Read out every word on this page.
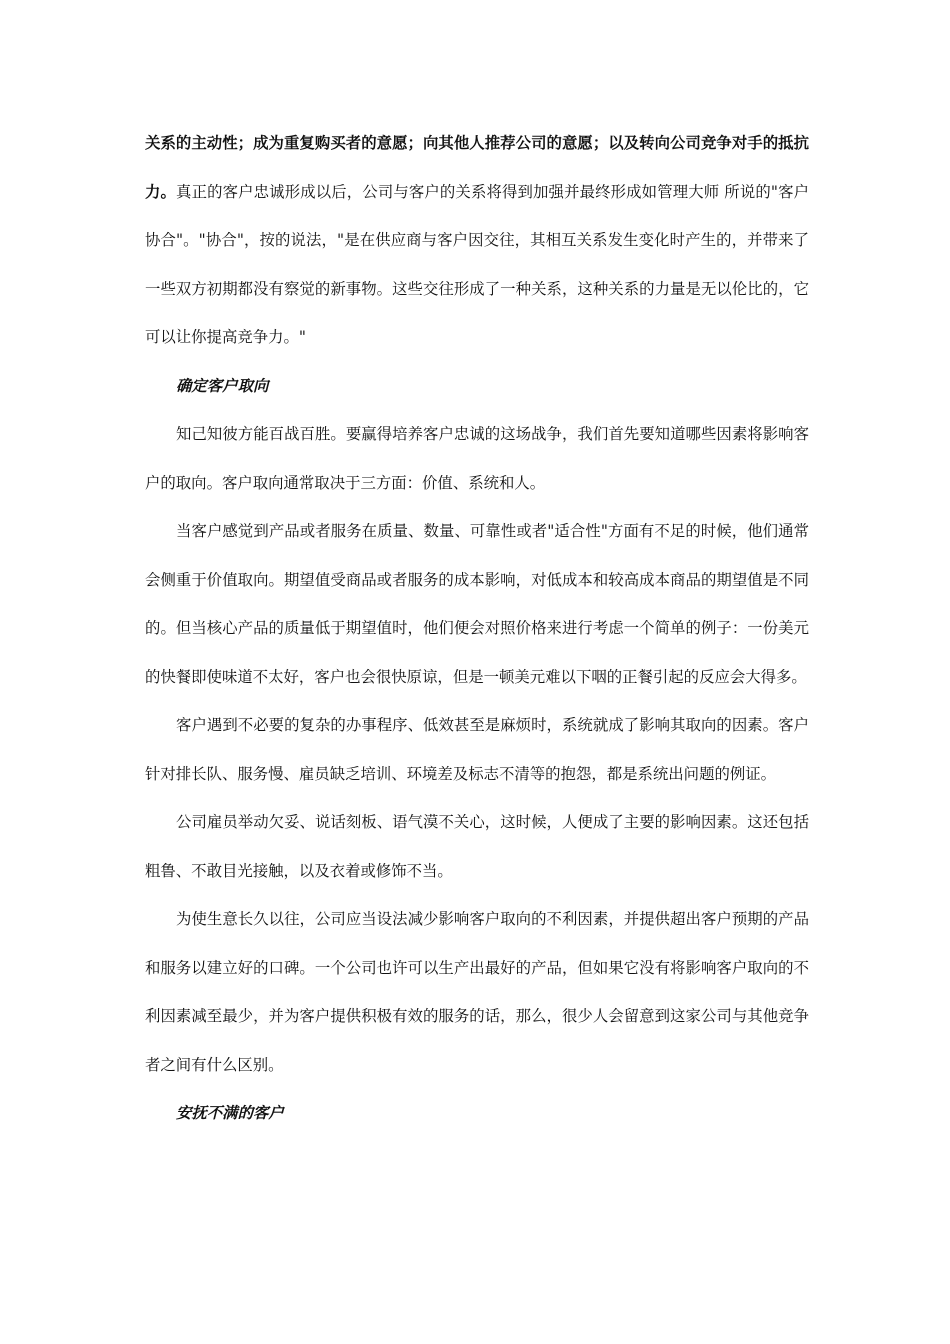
关系的主动性；成为重复购买者的意愿；向其他人推荐公司的意愿；以及转向公司竞争对手的抵抗力。真正的客户忠诚形成以后，公司与客户的关系将得到加强并最终形成如管理大师 所说的"客户协合"。"协合"，按的说法，"是在供应商与客户因交往，其相互关系发生变化时产生的，并带来了一些双方初期都没有察觉的新事物。这些交往形成了一种关系，这种关系的力量是无以伦比的，它可以让你提高竞争力。"

确定客户取向

知己知彼方能百战百胜。要赢得培养客户忠诚的这场战争，我们首先要知道哪些因素将影响客户的取向。客户取向通常取决于三方面：价值、系统和人。

当客户感觉到产品或者服务在质量、数量、可靠性或者"适合性"方面有不足的时候，他们通常会侧重于价值取向。期望值受商品或者服务的成本影响，对低成本和较高成本商品的期望值是不同的。但当核心产品的质量低于期望值时，他们便会对照价格来进行考虑一个简单的例子：一份美元的快餐即使味道不太好，客户也会很快原谅，但是一顿美元难以下咽的正餐引起的反应会大得多。

客户遇到不必要的复杂的办事程序、低效甚至是麻烦时，系统就成了影响其取向的因素。客户针对排长队、服务慢、雇员缺乏培训、环境差及标志不清等的抱怨，都是系统出问题的例证。

公司雇员举动欠妥、说话刻板、语气漠不关心，这时候，人便成了主要的影响因素。这还包括粗鲁、不敢目光接触，以及衣着或修饰不当。

为使生意长久以往，公司应当设法减少影响客户取向的不利因素，并提供超出客户预期的产品和服务以建立好的口碑。一个公司也许可以生产出最好的产品，但如果它没有将影响客户取向的不利因素减至最少，并为客户提供积极有效的服务的话，那么，很少人会留意到这家公司与其他竞争者之间有什么区别。

安抚不满的客户
